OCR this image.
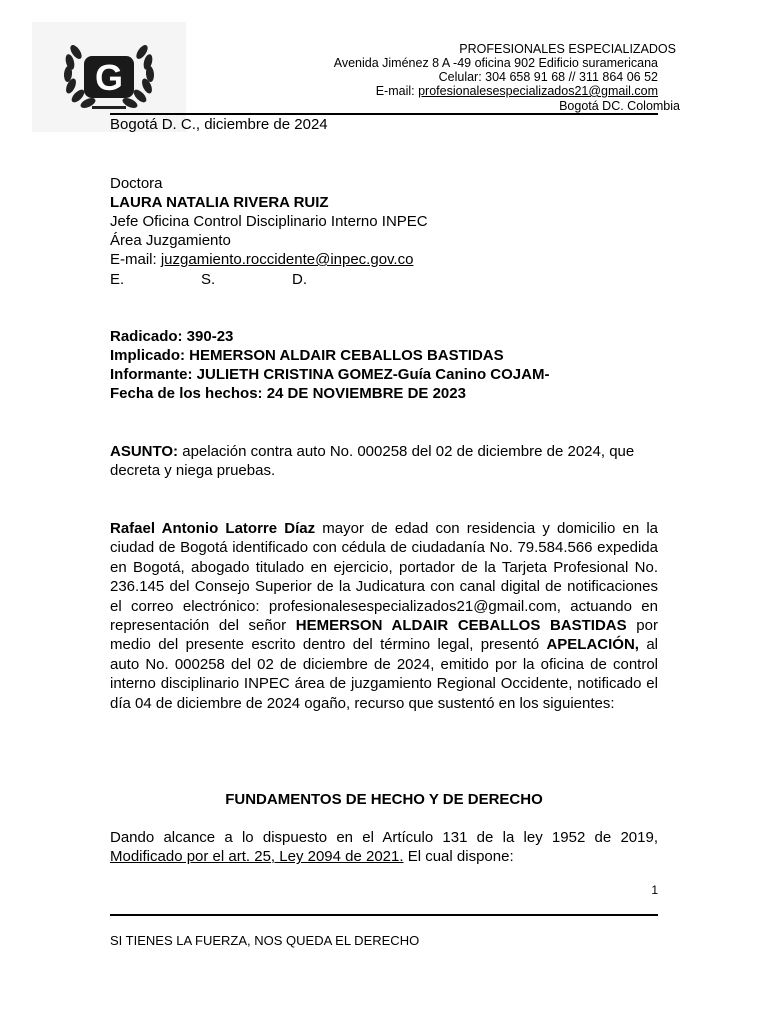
G
PROFESIONALES ESPECIALIZADOS
Avenida Jiménez 8 A -49 oficina 902 Edificio suramericana
Celular: 304 658 91 68 // 311 864 06 52
E-mail: profesionalesespecializados21@gmail.com
Bogotá DC. Colombia
Bogotá D. C., diciembre de 2024
Doctora
LAURA NATALIA RIVERA RUIZ
Jefe Oficina Control Disciplinario Interno INPEC
Área Juzgamiento
E-mail: juzgamiento.roccidente@inpec.gov.co
E.	S.	D.
Radicado: 390-23
Implicado: HEMERSON ALDAIR CEBALLOS BASTIDAS
Informante: JULIETH CRISTINA GOMEZ-Guía Canino COJAM-
Fecha de los hechos: 24 DE NOVIEMBRE DE 2023
ASUNTO: apelación contra auto No. 000258 del 02 de diciembre de 2024, que
decreta y niega pruebas.
Rafael Antonio Latorre Díaz mayor de edad con residencia y domicilio en la ciudad de Bogotá identificado con cédula de ciudadanía No. 79.584.566 expedida en Bogotá, abogado titulado en ejercicio, portador de la Tarjeta Profesional No. 236.145 del Consejo Superior de la Judicatura con canal digital de notificaciones el correo electrónico: profesionalesespecializados21@gmail.com, actuando en representación del señor HEMERSON ALDAIR CEBALLOS BASTIDAS por medio del presente escrito dentro del término legal, presentó APELACIÓN, al auto No. 000258 del 02 de diciembre de 2024, emitido por la oficina de control interno disciplinario INPEC área de juzgamiento Regional Occidente, notificado el día 04 de diciembre de 2024 ogaño, recurso que sustentó en los siguientes:
FUNDAMENTOS DE HECHO Y DE DERECHO
Dando alcance a lo dispuesto en el Artículo 131 de la ley 1952 de 2019, Modificado por el art. 25, Ley 2094 de 2021. El cual dispone:
1
SI TIENES LA FUERZA, NOS QUEDA EL DERECHO
